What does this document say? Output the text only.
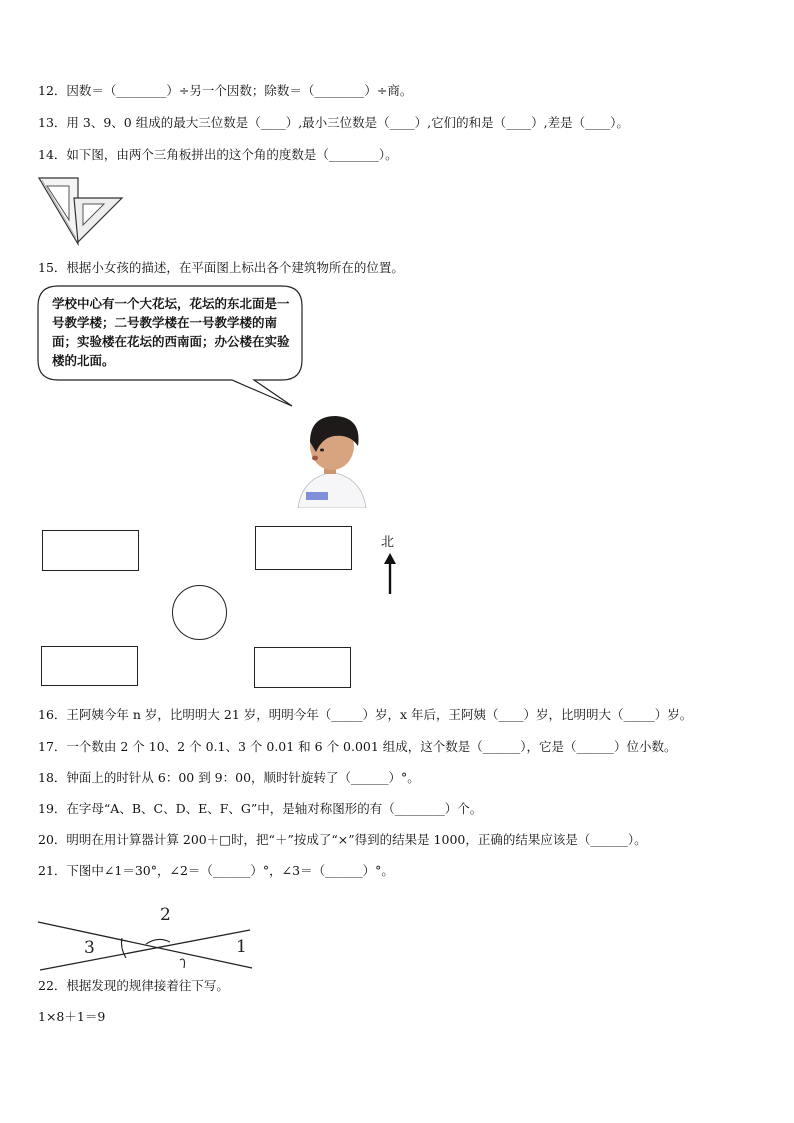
12．因数＝（________）÷另一个因数；除数＝（________）÷商。
13．用 3、9、0 组成的最大三位数是（____）,最小三位数是（____）,它们的和是（____）,差是（____）。
14．如下图，由两个三角板拼出的这个角的度数是（________）。
15．根据小女孩的描述，在平面图上标出各个建筑物所在的位置。
学校中心有一个大花坛，花坛的东北面是一号教学楼；二号教学楼在一号教学楼的南面；实验楼在花坛的西南面；办公楼在实验楼的北面。
北
16．王阿姨今年 n 岁，比明明大 21 岁，明明今年（_____）岁，x 年后，王阿姨（____）岁，比明明大（_____）岁。
17．一个数由 2 个 10、2 个 0.1、3 个 0.01 和 6 个 0.001 组成，这个数是（______），它是（______）位小数。
18．钟面上的时针从 6：00 到 9：00，顺时针旋转了（______）°。
19．在字母“A、B、C、D、E、F、G”中，是轴对称图形的有（________）个。
20．明明在用计算器计算 200＋□时，把“＋”按成了“×”得到的结果是 1000，正确的结果应该是（______）。
21．下图中∠1＝30°，∠2＝（______）°，∠3＝（______）°。
2
3	1
22．根据发现的规律接着往下写。
1×8＋1＝9
